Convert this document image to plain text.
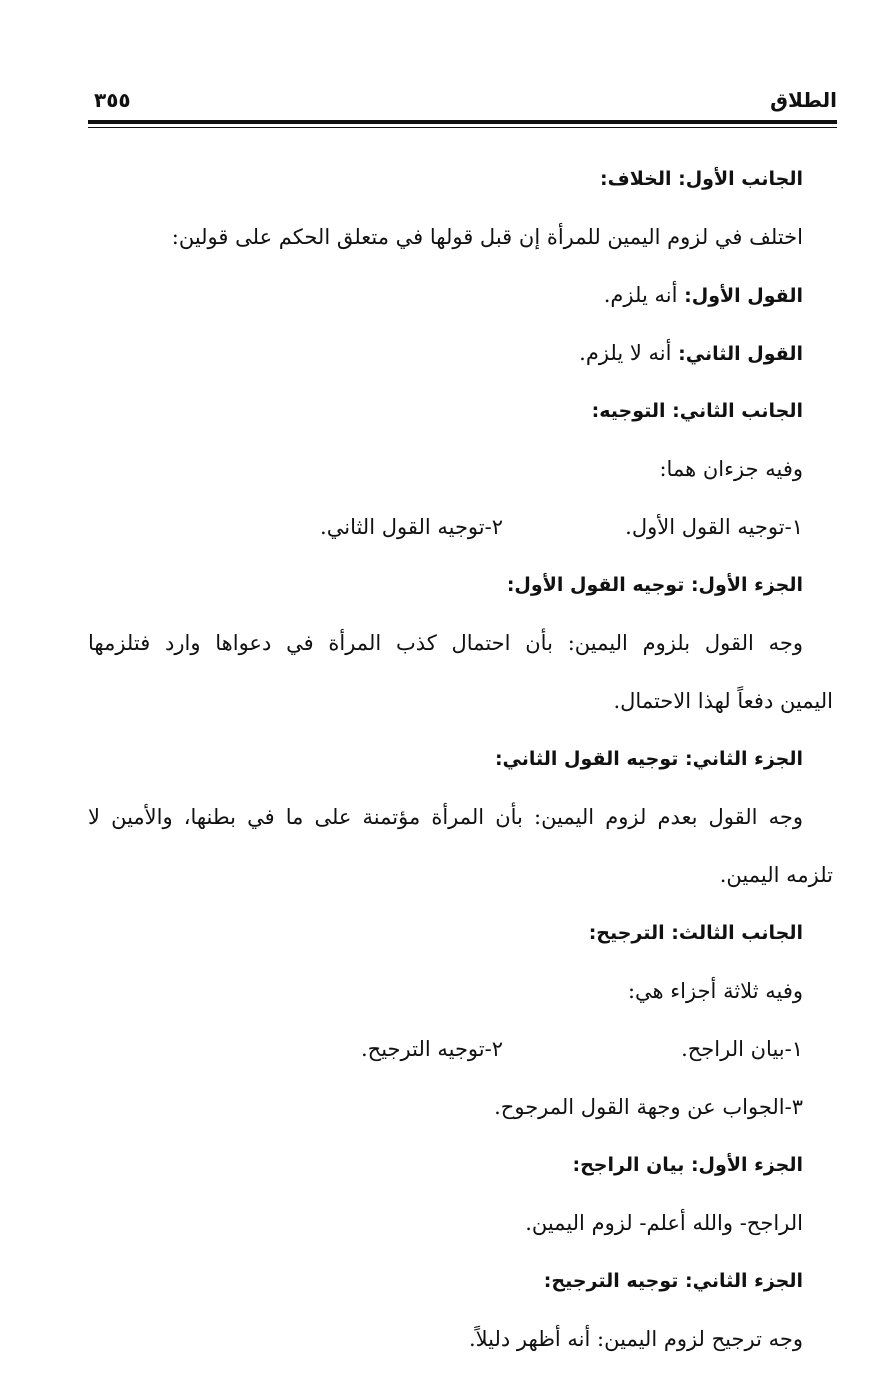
الطلاق
٣٥٥
الجانب الأول: الخلاف:
اختلف في لزوم اليمين للمرأة إن قبل قولها في متعلق الحكم على قولين:
القول الأول: أنه يلزم.
القول الثاني: أنه لا يلزم.
الجانب الثاني: التوجيه:
وفيه جزءان هما:
١-توجيه القول الأول.
٢-توجيه القول الثاني.
الجزء الأول: توجيه القول الأول:
وجه القول بلزوم اليمين: بأن احتمال كذب المرأة في دعواها وارد فتلزمها
اليمين دفعاً لهذا الاحتمال.
الجزء الثاني: توجيه القول الثاني:
وجه القول بعدم لزوم اليمين: بأن المرأة مؤتمنة على ما في بطنها، والأمين لا
تلزمه اليمين.
الجانب الثالث: الترجيح:
وفيه ثلاثة أجزاء هي:
١-بيان الراجح.
٢-توجيه الترجيح.
٣-الجواب عن وجهة القول المرجوح.
الجزء الأول: بيان الراجح:
الراجح- والله أعلم- لزوم اليمين.
الجزء الثاني: توجيه الترجيح:
وجه ترجيح لزوم اليمين: أنه أظهر دليلاً.
